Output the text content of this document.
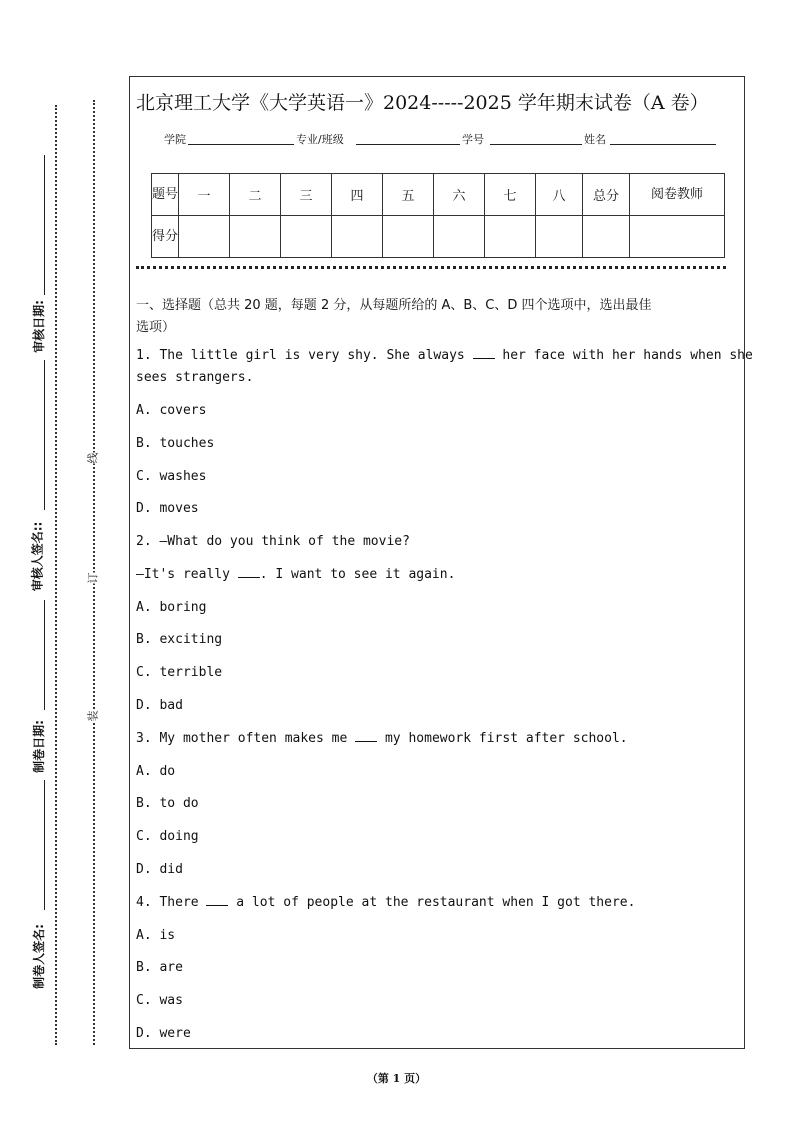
审核日期:
审核人签名::
制卷日期:
制卷人签名:
线
订
装
北京理工大学《大学英语一》2024-----2025 学年期末试卷（A 卷）
学院	专业/班级	学号	姓名
题号	一	二	三	四	五	六	七	八	总分	阅卷教师
得分										
一、选择题（总共 20 题，每题 2 分，从每题所给的 A、B、C、D 四个选项中，选出最佳
选项）
1. The little girl is very shy. She always  her face with her hands when she
sees strangers.
A. covers
B. touches
C. washes
D. moves
2. —What do you think of the movie?
—It's really . I want to see it again.
A. boring
B. exciting
C. terrible
D. bad
3. My mother often makes me  my homework first after school.
A. do
B. to do
C. doing
D. did
4. There  a lot of people at the restaurant when I got there.
A. is
B. are
C. was
D. were
（第 1 页）
